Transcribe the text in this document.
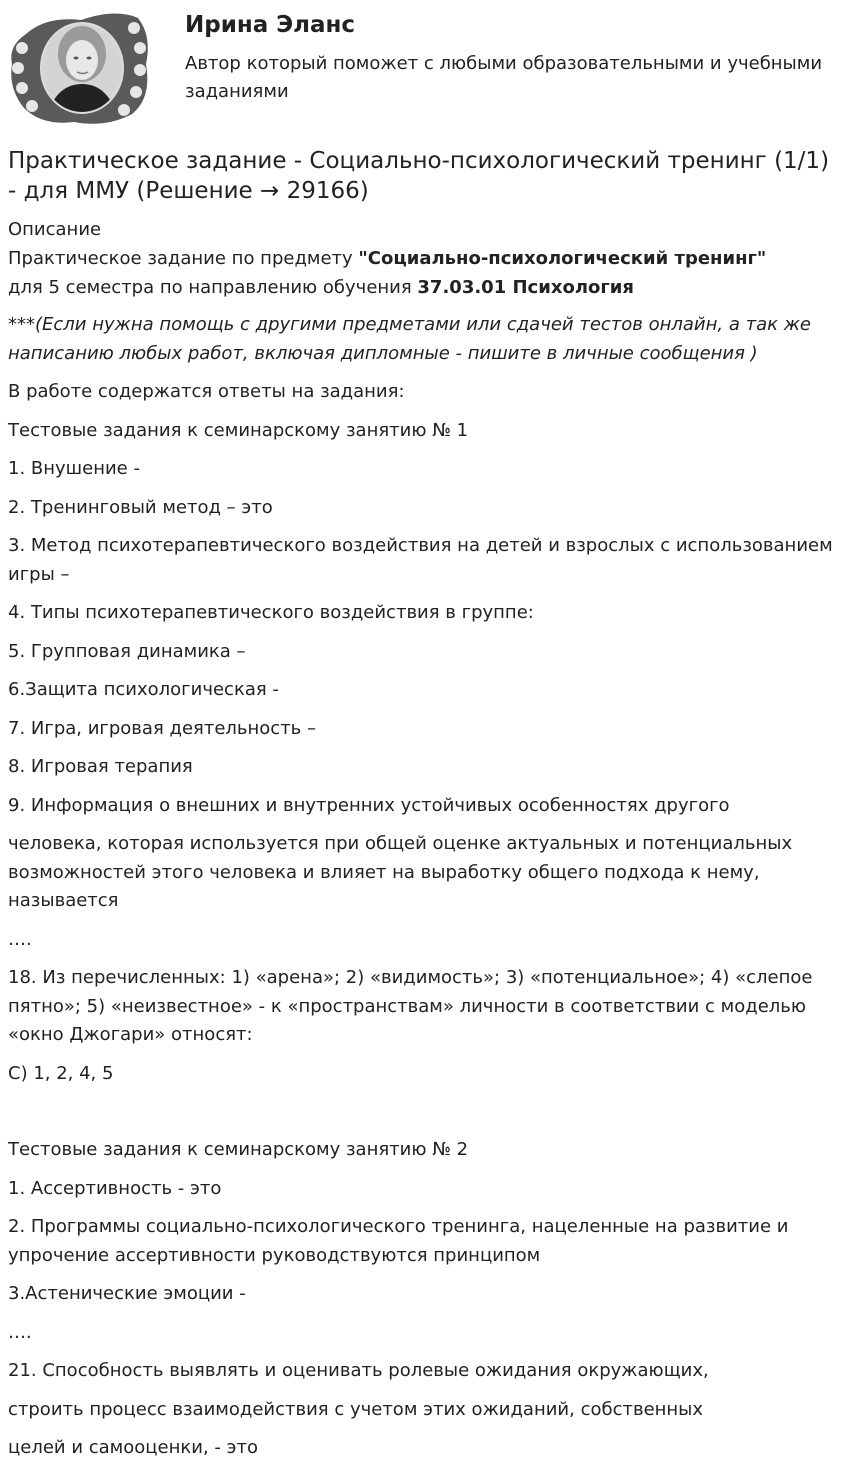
Ирина Эланс
Автор который поможет с любыми образовательными и учебными заданиями
Практическое задание - Социально-психологический тренинг (1/1) - для ММУ (Решение → 29166)
Описание
Практическое задание по предмету "Социально-психологический тренинг"
для 5 семестра по направлению обучения 37.03.01 Психология
***(Если нужна помощь с другими предметами или сдачей тестов онлайн, а так же написанию любых работ, включая дипломные - пишите в личные сообщения )

В работе содержатся ответы на задания:

Тестовые задания к семинарскому занятию № 1

1. Внушение -

2. Тренинговый метод – это

3. Метод психотерапевтического воздействия на детей и взрослых с использованием игры –

4. Типы психотерапевтического воздействия в группе:

5. Групповая динамика –

6.Защита психологическая -

7. Игра, игровая деятельность –

8. Игровая терапия

9. Информация о внешних и внутренних устойчивых особенностях другого

человека, которая используется при общей оценке актуальных и потенциальных возможностей этого человека и влияет на выработку общего подхода к нему, называется

….

18. Из перечисленных: 1) «арена»; 2) «видимость»; 3) «потенциальное»; 4) «слепое пятно»; 5) «неизвестное» - к «пространствам» личности в соответствии с моделью «окно Джогари» относят:

C) 1, 2, 4, 5

Тестовые задания к семинарскому занятию № 2

1. Ассертивность - это

2. Программы социально-психологического тренинга, нацеленные на развитие и упрочение ассертивности руководствуются принципом

3.Астенические эмоции -

….

21. Способность выявлять и оценивать ролевые ожидания окружающих,

строить процесс взаимодействия с учетом этих ожиданий, собственных

целей и самооценки, - это
